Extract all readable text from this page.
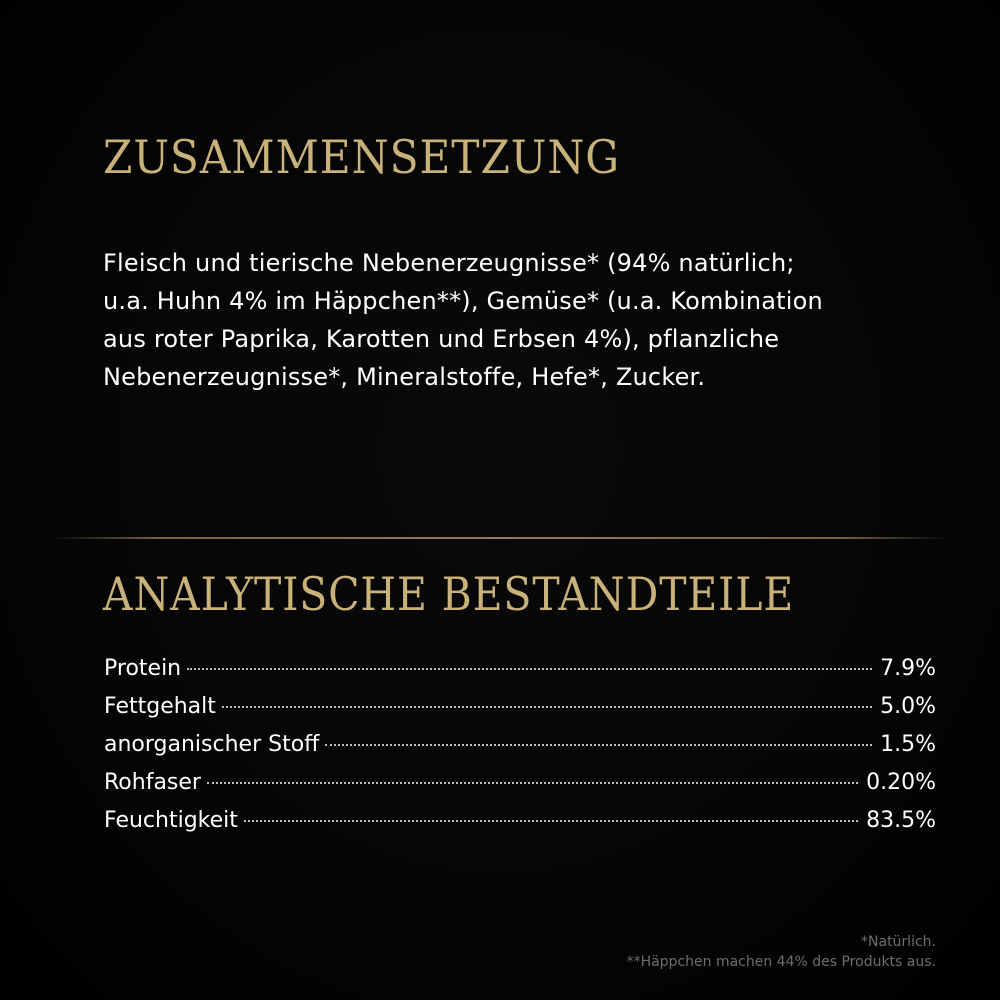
ZUSAMMENSETZUNG
Fleisch und tierische Nebenerzeugnisse* (94% natürlich;
u.a. Huhn 4% im Häppchen**), Gemüse* (u.a. Kombination
aus roter Paprika, Karotten und Erbsen 4%), pflanzliche
Nebenerzeugnisse*, Mineralstoffe, Hefe*, Zucker.
ANALYTISCHE BESTANDTEILE
Protein	7.9%
Fettgehalt	5.0%
anorganischer Stoff	1.5%
Rohfaser	0.20%
Feuchtigkeit	83.5%
*Natürlich.
**Häppchen machen 44% des Produkts aus.
